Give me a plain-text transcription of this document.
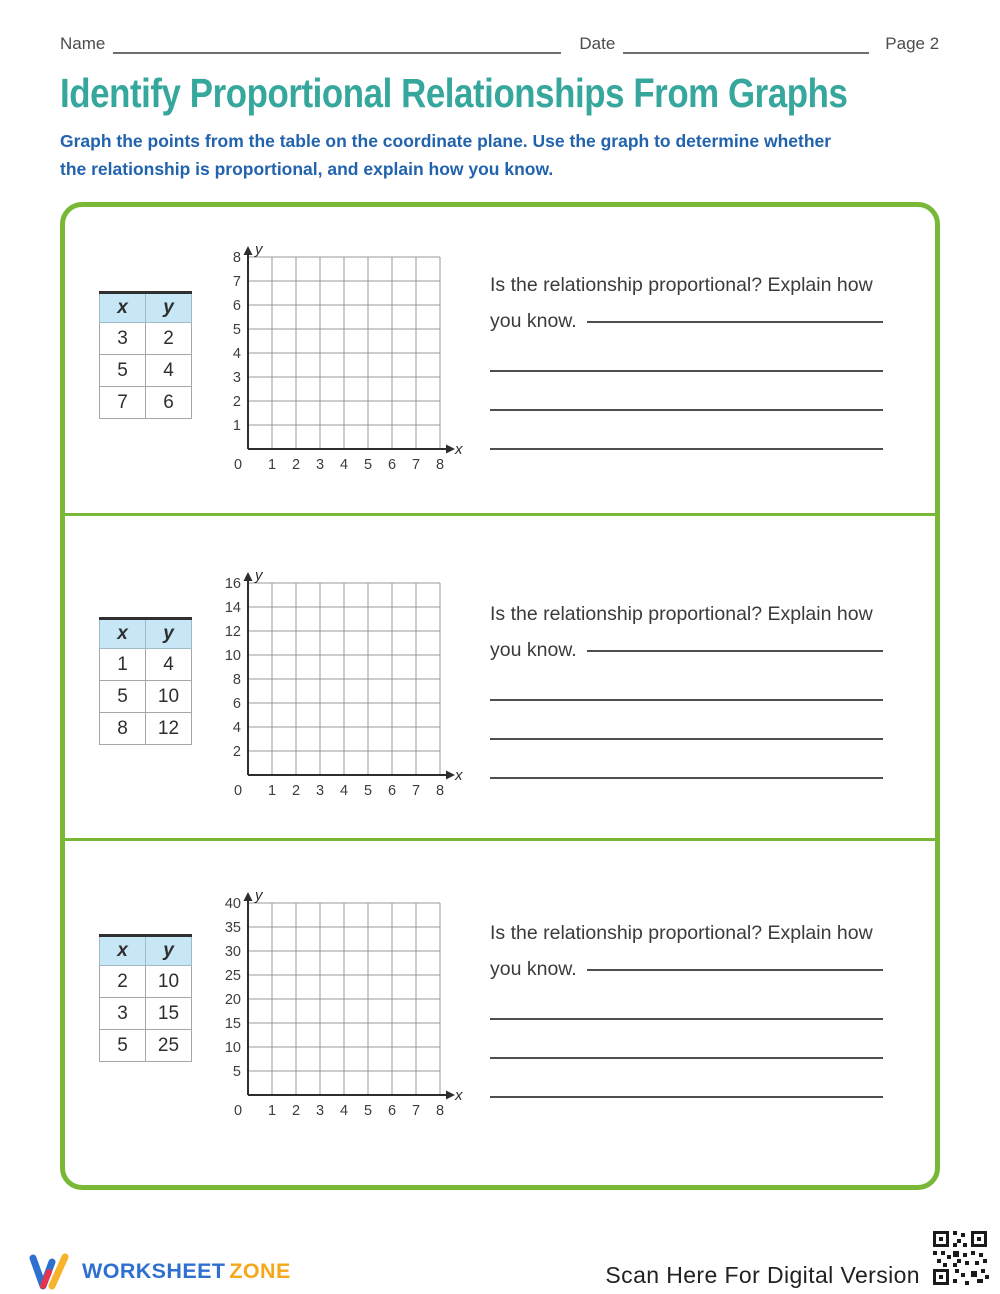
Name	Date	Page 2
Identify Proportional Relationships From Graphs
Graph the points from the table on the coordinate plane. Use the graph to determine whether
the relationship is proportional, and explain how you know.
x	y
3	2
5	4
7	6
y
x
8
7
6
5
4
3
2
1
0 1 2 3 4 5 6 7 8
Is the relationship proportional? Explain how
you know.
x	y
1	4
5	10
8	12
y
x
16
14
12
10
8
6
4
2
0 1 2 3 4 5 6 7 8
Is the relationship proportional? Explain how
you know.
x	y
2	10
3	15
5	25
y
x
40
35
30
25
20
15
10
5
0 1 2 3 4 5 6 7 8
Is the relationship proportional? Explain how
you know.
WORKSHEET ZONE	Scan Here For Digital Version
